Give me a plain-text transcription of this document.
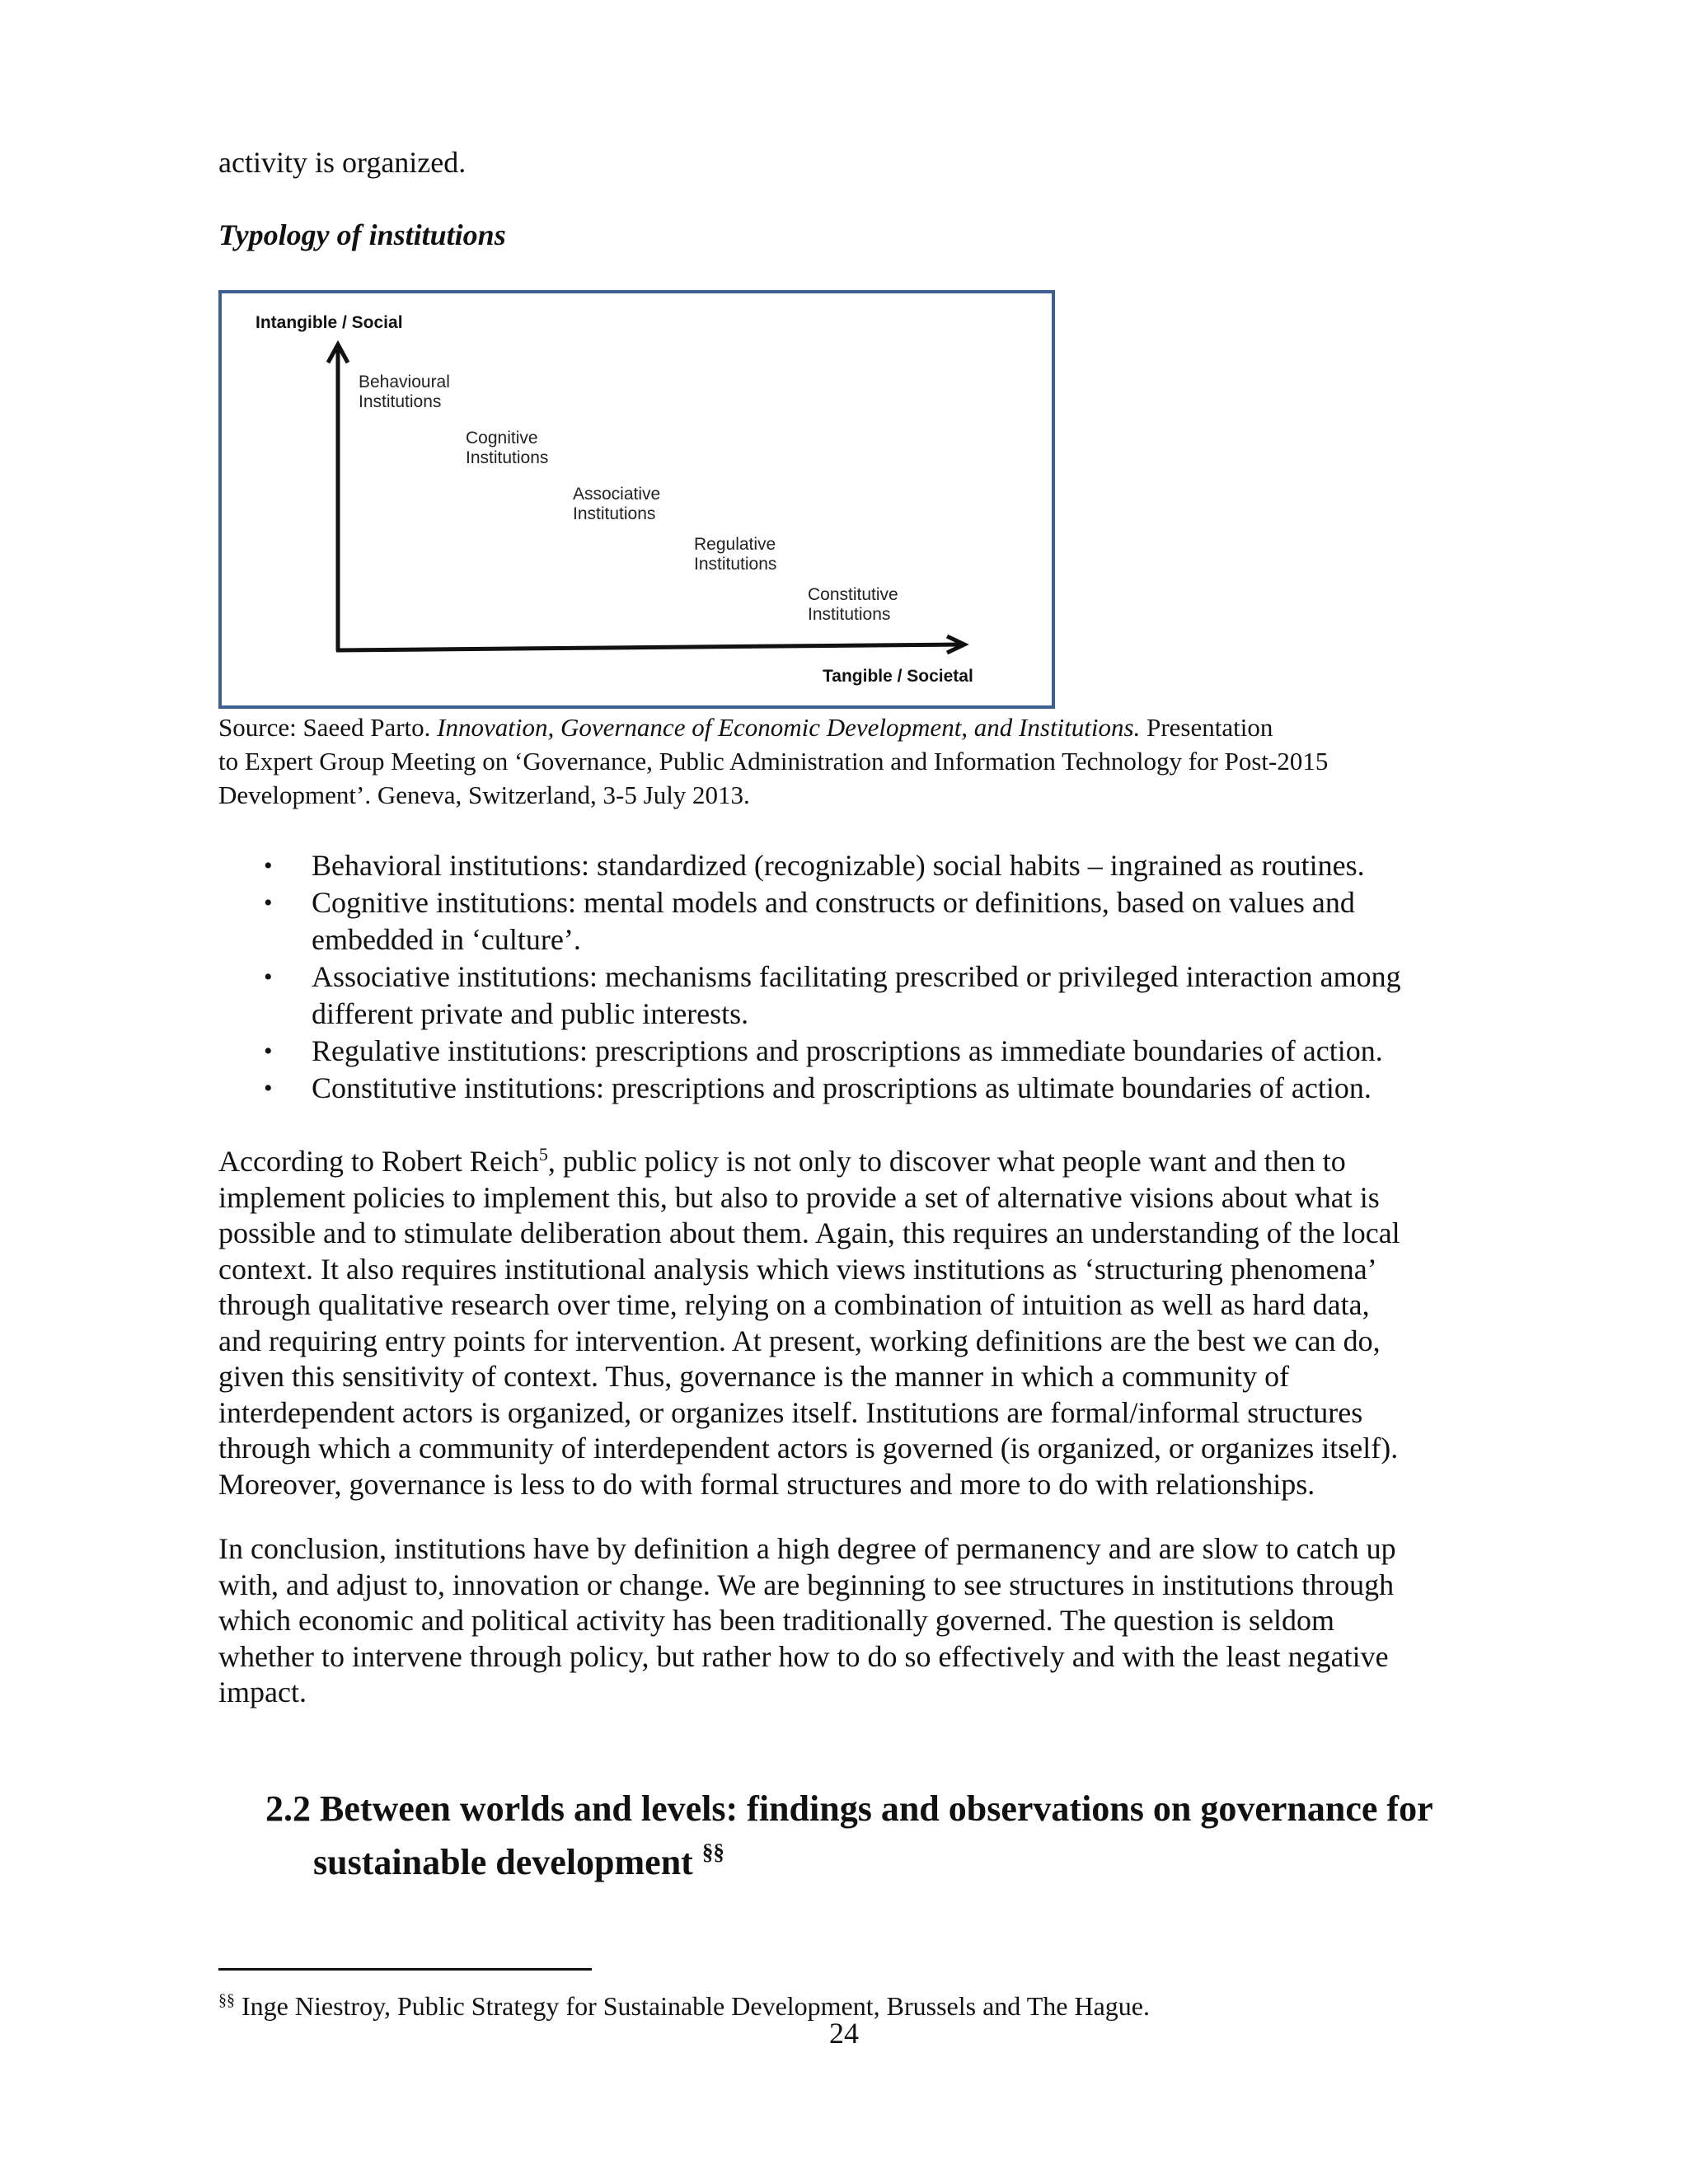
activity is organized.

Typology of institutions

Intangible / Social
Tangible / Societal
Behavioural
Institutions
Cognitive
Institutions
Associative
Institutions
Regulative
Institutions
Constitutive
Institutions

Source: Saeed Parto. Innovation, Governance of Economic Development, and Institutions. Presentation
to Expert Group Meeting on ‘Governance, Public Administration and Information Technology for Post-2015
Development’. Geneva, Switzerland, 3-5 July 2013.

• Behavioral institutions: standardized (recognizable) social habits – ingrained as routines.
• Cognitive institutions: mental models and constructs or definitions, based on values and
embedded in ‘culture’.
• Associative institutions: mechanisms facilitating prescribed or privileged interaction among
different private and public interests.
• Regulative institutions: prescriptions and proscriptions as immediate boundaries of action.
• Constitutive institutions: prescriptions and proscriptions as ultimate boundaries of action.
According to Robert Reich$^5$, public policy is not only to discover what people want and then to
implement policies to implement this, but also to provide a set of alternative visions about what is
possible and to stimulate deliberation about them. Again, this requires an understanding of the local
context. It also requires institutional analysis which views institutions as ‘structuring phenomena’
through qualitative research over time, relying on a combination of intuition as well as hard data,
and requiring entry points for intervention. At present, working definitions are the best we can do,
given this sensitivity of context. Thus, governance is the manner in which a community of
interdependent actors is organized, or organizes itself. Institutions are formal/informal structures
through which a community of interdependent actors is governed (is organized, or organizes itself).
Moreover, governance is less to do with formal structures and more to do with relationships.
In conclusion, institutions have by definition a high degree of permanency and are slow to catch up
with, and adjust to, innovation or change. We are beginning to see structures in institutions through
which economic and political activity has been traditionally governed. The question is seldom
whether to intervene through policy, but rather how to do so effectively and with the least negative
impact.
2.2 Between worlds and levels: findings and observations on governance for

sustainable development §§

§§ Inge Niestroy, Public Strategy for Sustainable Development, Brussels and The Hague.

24
